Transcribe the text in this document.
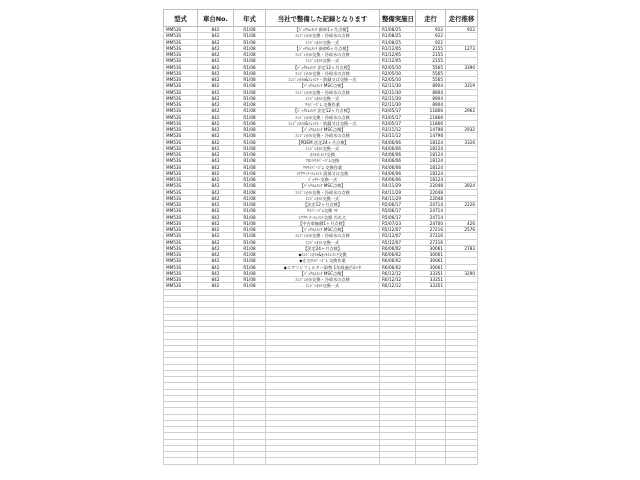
型式	車台No.	年式	当社で整備した記録となります	整備実施日	走行	走行推移
MM53S	842	R1/08	【ﾊﾞｯｸﾙﾑﾒﾝﾃ 新車1ヶ月点検】	R1/08/25	922	922
MM53S	842	R1/08	ｴﾝｼﾞﾝｵｲﾙ交換・冷却水の点検	R1/08/25	922	
MM53S	842	R1/08	ｴﾝｼﾞﾝｵｲﾙ交換一式	R1/08/25	922	
MM53S	842	R1/08	【ﾊﾞｯｸﾙﾑﾒﾝﾃ 新車6ヶ月点検】	R1/12/05	2155	1273
MM53S	842	R1/08	ｴﾝｼﾞﾝｵｲﾙ交換・冷却水の点検	R1/12/05	2155	
MM53S	842	R1/08	ｴﾝｼﾞﾝｵｲﾙ交換一式	R1/12/05	2155	
MM53S	842	R1/08	【ﾊﾞｯｸﾙﾑﾒﾝﾃ 法定12ヶ月点検】	R2/05/10	5565	3390
MM53S	842	R1/08	ｴﾝｼﾞﾝｵｲﾙ交換・冷却水の点検	R2/05/10	5565	
MM53S	842	R1/08	ｴﾝｼﾞﾝｵｲﾙ&ｴﾚﾒﾝﾄ・防錆又は交換一式	R2/05/10	5565	
MM53S	842	R1/08	【ﾊﾞｯｸﾙﾑﾒﾝﾃ MSC点検】	R2/11/30	8904	3319
MM53S	842	R1/08	ｴﾝｼﾞﾝｵｲﾙ交換・冷却水の点検	R2/11/30	8904	
MM53S	842	R1/08	ｴﾝｼﾞﾝｵｲﾙ交換一式	R2/11/30	8904	
MM53S	842	R1/08	ﾜｲﾊﾟｰｺﾞﾑ 交換作業	R2/11/30	8904	
MM53S	842	R1/08	【ﾊﾞｯｸﾙﾑﾒﾝﾃ 法定12ヶ月点検】	R3/05/17	11866	2962
MM53S	842	R1/08	ｴﾝｼﾞﾝｵｲﾙ交換・冷却水の点検	R3/05/17	11866	
MM53S	842	R1/08	ｴﾝｼﾞﾝｵｲﾙ&ｴﾚﾒﾝﾄ・防錆又は交換一式	R3/05/17	11866	
MM53S	842	R1/08	【ﾊﾞｯｸﾙﾑﾒﾝﾃ MSC点検】	R3/11/12	14798	2932
MM53S	842	R1/08	ｴﾝｼﾞﾝｵｲﾙ交換・冷却水の点検	R3/11/12	14798	
MM53S	842	R1/08	【PDEM 法定24ヶ月点検】	R4/06/06	18124	3326
MM53S	842	R1/08	ｴﾝｼﾞﾝｵｲﾙ交換一式	R4/06/06	18124	
MM53S	842	R1/08	ｵｲﾙｴﾚﾒﾝﾄ交換	R4/06/06	18124	
MM53S	842	R1/08	ﾌﾛﾝﾄﾜｲﾊﾟｰｺﾞﾑ交換	R4/06/06	18124	
MM53S	842	R1/08	ﾘﾔﾜｲﾊﾟｰｺﾞﾑ 交換作業	R4/06/06	18124	
MM53S	842	R1/08	ｴｱｸﾘｰﾅｰｴﾚﾒﾝﾄ 清掃又は交換	R4/06/06	18124	
MM53S	842	R1/08	ﾊﾞｯﾃﾘｰ交換一式	R4/06/06	18124	
MM53S	842	R1/08	【ﾊﾞｯｸﾙﾑﾒﾝﾃ MSC点検】	R4/11/29	22048	3924
MM53S	842	R1/08	ｴﾝｼﾞﾝｵｲﾙ交換・冷却水の点検	R4/11/29	22048	
MM53S	842	R1/08	ｴﾝｼﾞﾝｵｲﾙ交換一式	R4/11/29	22048	
MM53S	842	R1/08	【法定12ヶ月点検】	R5/06/17	24714	2226
MM53S	842	R1/08	ﾜｲﾊﾟｰｺﾞﾑ交換 ﾘﾔ	R5/06/17	24714	
MM53S	842	R1/08	ｴｱｸﾘｰﾅｰｴﾚﾒﾝﾄ交換 汚れ大	R5/06/17	24714	
MM53S	842	R1/08	【中古車無償1ヶ月点検】	R5/07/23	24700	426
MM53S	842	R1/08	【ﾊﾞｯｸﾙﾑﾒﾝﾃ MSC点検】	R5/12/07	27216	2576
MM53S	842	R1/08	ｴﾝｼﾞﾝｵｲﾙ交換・冷却水の点検	R5/12/07	27216	
MM53S	842	R1/08	ｴﾝｼﾞﾝｵｲﾙ交換一式	R5/12/07	27216	
MM53S	842	R1/08	【法定24ヶ月点検】	R6/06/02	30061	2783
MM53S	842	R1/08	◆ｴﾝｼﾞﾝｵｲﾙ&ｵｲﾙｴﾚﾒﾝﾄ交換	R6/06/02	30061	
MM53S	842	R1/08	◆左右ﾜｲﾊﾟｰｺﾞﾑ 交換作業	R6/06/02	30061	
MM53S	842	R1/08	◆エアコンフィルター取替 1年経過汚れ中	R6/06/02	30061	
MM53S	842	R1/08	【ﾊﾞｯｸﾙﾑﾒﾝﾃ MSC点検】	R6/12/12	33351	3290
MM53S	842	R1/08	ｴﾝｼﾞﾝｵｲﾙ交換・冷却水の点検	R6/12/12	33351	
MM53S	842	R1/08	ｴﾝｼﾞﾝｵｲﾙ交換一式	R6/12/12	33351	
